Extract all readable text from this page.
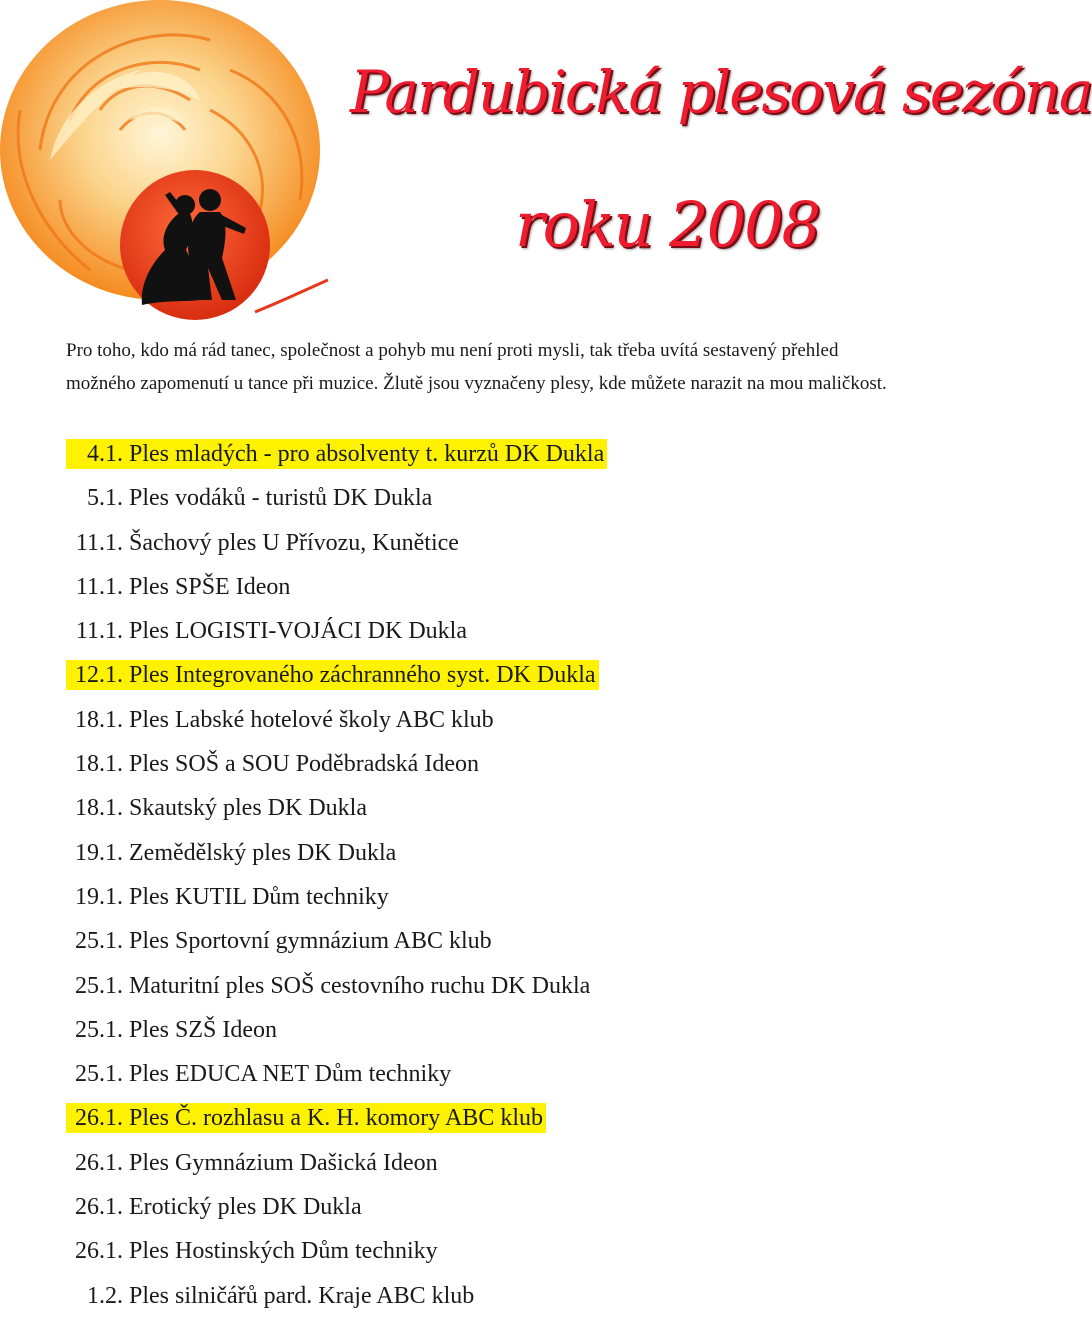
Pardubická plesová sezóna
roku 2008

Pro toho, kdo má rád tanec, společnost a pohyb mu není proti mysli, tak třeba uvítá sestavený přehled

možného zapomenutí u tance při muzice. Žlutě jsou vyznačeny plesy, kde můžete narazit na mou maličkost.

4.1. Ples mladých - pro absolventy t. kurzů DK Dukla
5.1. Ples vodáků - turistů DK Dukla
11.1. Šachový ples U Přívozu, Kunětice
11.1. Ples SPŠE Ideon
11.1. Ples LOGISTI-VOJÁCI DK Dukla
12.1. Ples Integrovaného záchranného syst. DK Dukla
18.1. Ples Labské hotelové školy ABC klub
18.1. Ples SOŠ a SOU Poděbradská Ideon
18.1. Skautský ples DK Dukla
19.1. Zemědělský ples DK Dukla
19.1. Ples KUTIL Dům techniky
25.1. Ples Sportovní gymnázium ABC klub
25.1. Maturitní ples SOŠ cestovního ruchu DK Dukla
25.1. Ples SZŠ Ideon
25.1. Ples EDUCA NET Dům techniky
26.1. Ples Č. rozhlasu a K. H. komory ABC klub
26.1. Ples Gymnázium Dašická Ideon
26.1. Erotický ples DK Dukla
26.1. Ples Hostinských Dům techniky
1.2. Ples silničářů pard. Kraje ABC klub
